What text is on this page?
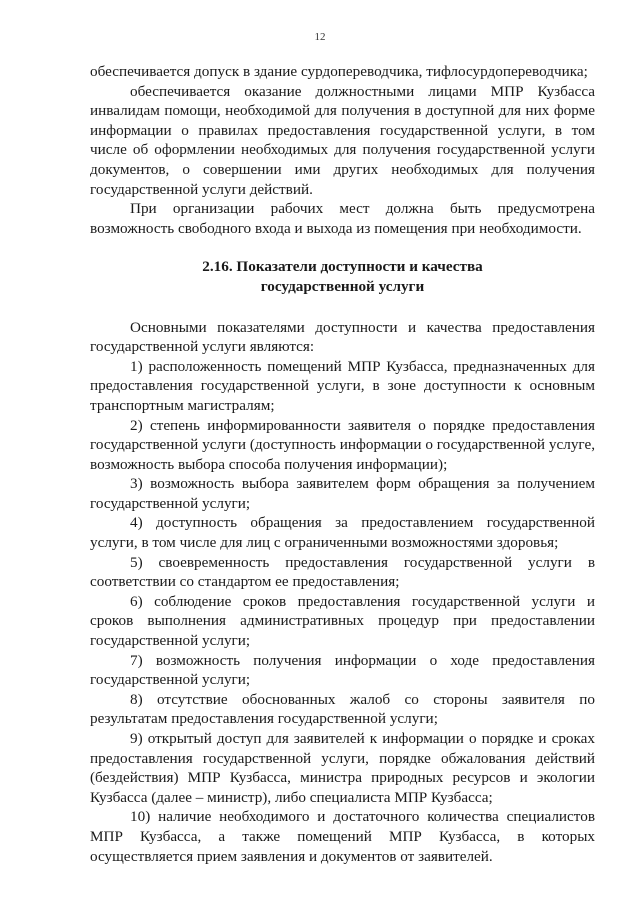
12

обеспечивается допуск в здание сурдопереводчика, тифлосурдопереводчика;

обеспечивается оказание должностными лицами МПР Кузбасса инвалидам помощи, необходимой для получения в доступной для них форме информации о правилах предоставления государственной услуги, в том числе об оформлении необходимых для получения государственной услуги документов, о совершении ими других необходимых для получения государственной услуги действий.

При организации рабочих мест должна быть предусмотрена возможность свободного входа и выхода из помещения при необходимости.

2.16. Показатели доступности и качества
государственной услуги

Основными показателями доступности и качества предоставления государственной услуги являются:

1) расположенность помещений МПР Кузбасса, предназначенных для предоставления государственной услуги, в зоне доступности к основным транспортным магистралям;

2) степень информированности заявителя о порядке предоставления государственной услуги (доступность информации о государственной услуге, возможность выбора способа получения информации);

3) возможность выбора заявителем форм обращения за получением государственной услуги;

4) доступность обращения за предоставлением государственной услуги, в том числе для лиц с ограниченными возможностями здоровья;

5) своевременность предоставления государственной услуги в соответствии со стандартом ее предоставления;

6) соблюдение сроков предоставления государственной услуги и сроков выполнения административных процедур при предоставлении государственной услуги;

7) возможность получения информации о ходе предоставления государственной услуги;

8) отсутствие обоснованных жалоб со стороны заявителя по результатам предоставления государственной услуги;

9) открытый доступ для заявителей к информации о порядке и сроках предоставления государственной услуги, порядке обжалования действий (бездействия) МПР Кузбасса, министра природных ресурсов и экологии Кузбасса (далее – министр), либо специалиста МПР Кузбасса;

10) наличие необходимого и достаточного количества специалистов МПР Кузбасса, а также помещений МПР Кузбасса, в которых осуществляется прием заявления и документов от заявителей.
